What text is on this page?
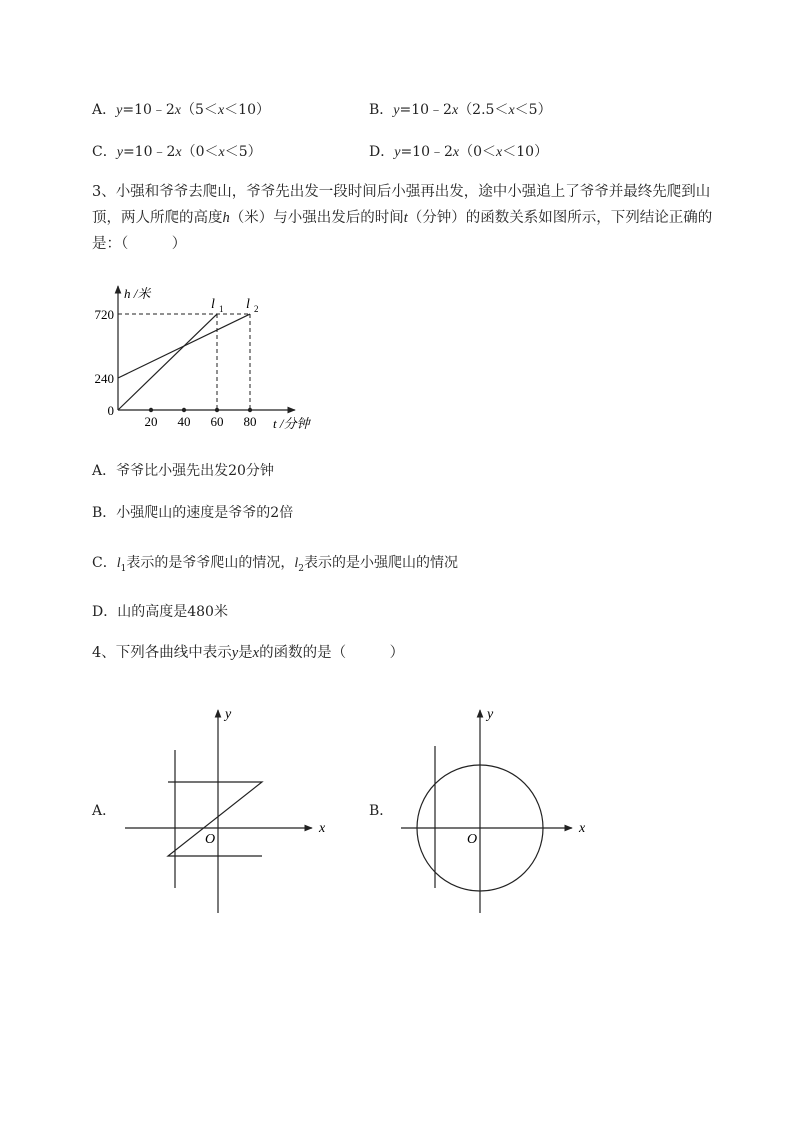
A．y=10﹣2x（5＜x＜10）	B．y=10﹣2x（2.5＜x＜5）
C．y=10﹣2x（0＜x＜5）	D．y=10﹣2x（0＜x＜10）
3、小强和爷爷去爬山，爷爷先出发一段时间后小强再出发，途中小强追上了爷爷并最终先爬到山
顶，两人所爬的高度h（米）与小强出发后的时间t（分钟）的函数关系如图所示，下列结论正确的
是：（　　　）
720
240
0
20 40 60 80
l 1 l 2
h /米
t /分钟
A．爷爷比小强先出发20分钟
B．小强爬山的速度是爷爷的2倍
C．$l_1$表示的是爷爷爬山的情况，$l_2$表示的是小强爬山的情况
D．山的高度是480米
4、下列各曲线中表示y是x的函数的是（　　　）
A．
x
y
O
B．
x
y
O
